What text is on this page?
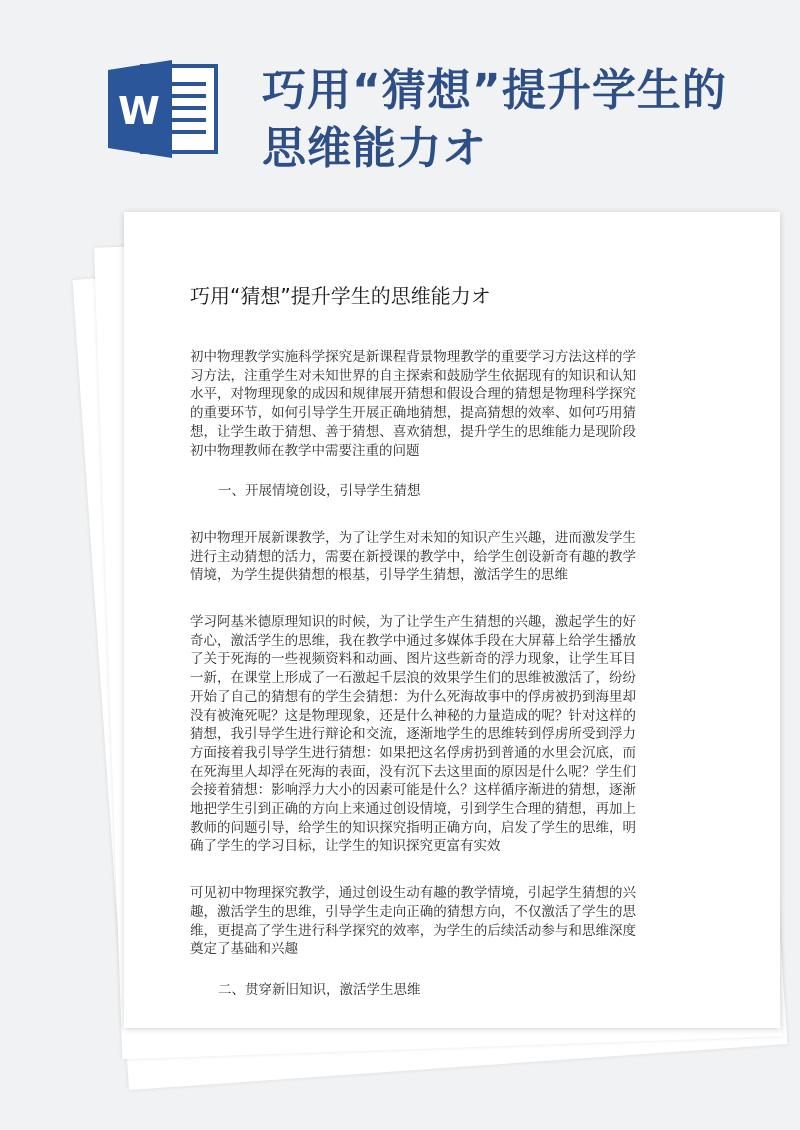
W 巧用“猜想”提升学生的思维能力オ
巧用“猜想”提升学生的思维能力オ

初中物理教学实施科学探究是新课程背景物理教学的重要学习方法这样的学习方法，注重学生对未知世界的自主探索和鼓励学生依据现有的知识和认知水平，对物理现象的成因和规律展开猜想和假设合理的猜想是物理科学探究的重要环节，如何引导学生开展正确地猜想，提高猜想的效率、如何巧用猜想，让学生敢于猜想、善于猜想、喜欢猜想，提升学生的思维能力是现阶段初中物理教师在教学中需要注重的问题

一、开展情境创设，引导学生猜想

初中物理开展新课教学，为了让学生对未知的知识产生兴趣，进而激发学生进行主动猜想的活力，需要在新授课的教学中，给学生创设新奇有趣的教学情境，为学生提供猜想的根基，引导学生猜想，激活学生的思维

学习阿基米德原理知识的时候，为了让学生产生猜想的兴趣，激起学生的好奇心，激活学生的思维，我在教学中通过多媒体手段在大屏幕上给学生播放了关于死海的一些视频资料和动画、图片这些新奇的浮力现象，让学生耳目一新，在课堂上形成了一石激起千层浪的效果学生们的思维被激活了，纷纷开始了自己的猜想有的学生会猜想：为什么死海故事中的俘虏被扔到海里却没有被淹死呢？这是物理现象，还是什么神秘的力量造成的呢？针对这样的猜想，我引导学生进行辩论和交流，逐渐地学生的思维转到俘虏所受到浮力方面接着我引导学生进行猜想：如果把这名俘虏扔到普通的水里会沉底，而在死海里人却浮在死海的表面，没有沉下去这里面的原因是什么呢？学生们会接着猜想：影响浮力大小的因素可能是什么？这样循序渐进的猜想，逐渐地把学生引到正确的方向上来通过创设情境，引到学生合理的猜想，再加上教师的问题引导，给学生的知识探究指明正确方向，启发了学生的思维，明确了学生的学习目标，让学生的知识探究更富有实效

可见初中物理探究教学，通过创设生动有趣的教学情境，引起学生猜想的兴趣，激活学生的思维，引导学生走向正确的猜想方向，不仅激活了学生的思维，更提高了学生进行科学探究的效率，为学生的后续活动参与和思维深度奠定了基础和兴趣

二、贯穿新旧知识，激活学生思维
